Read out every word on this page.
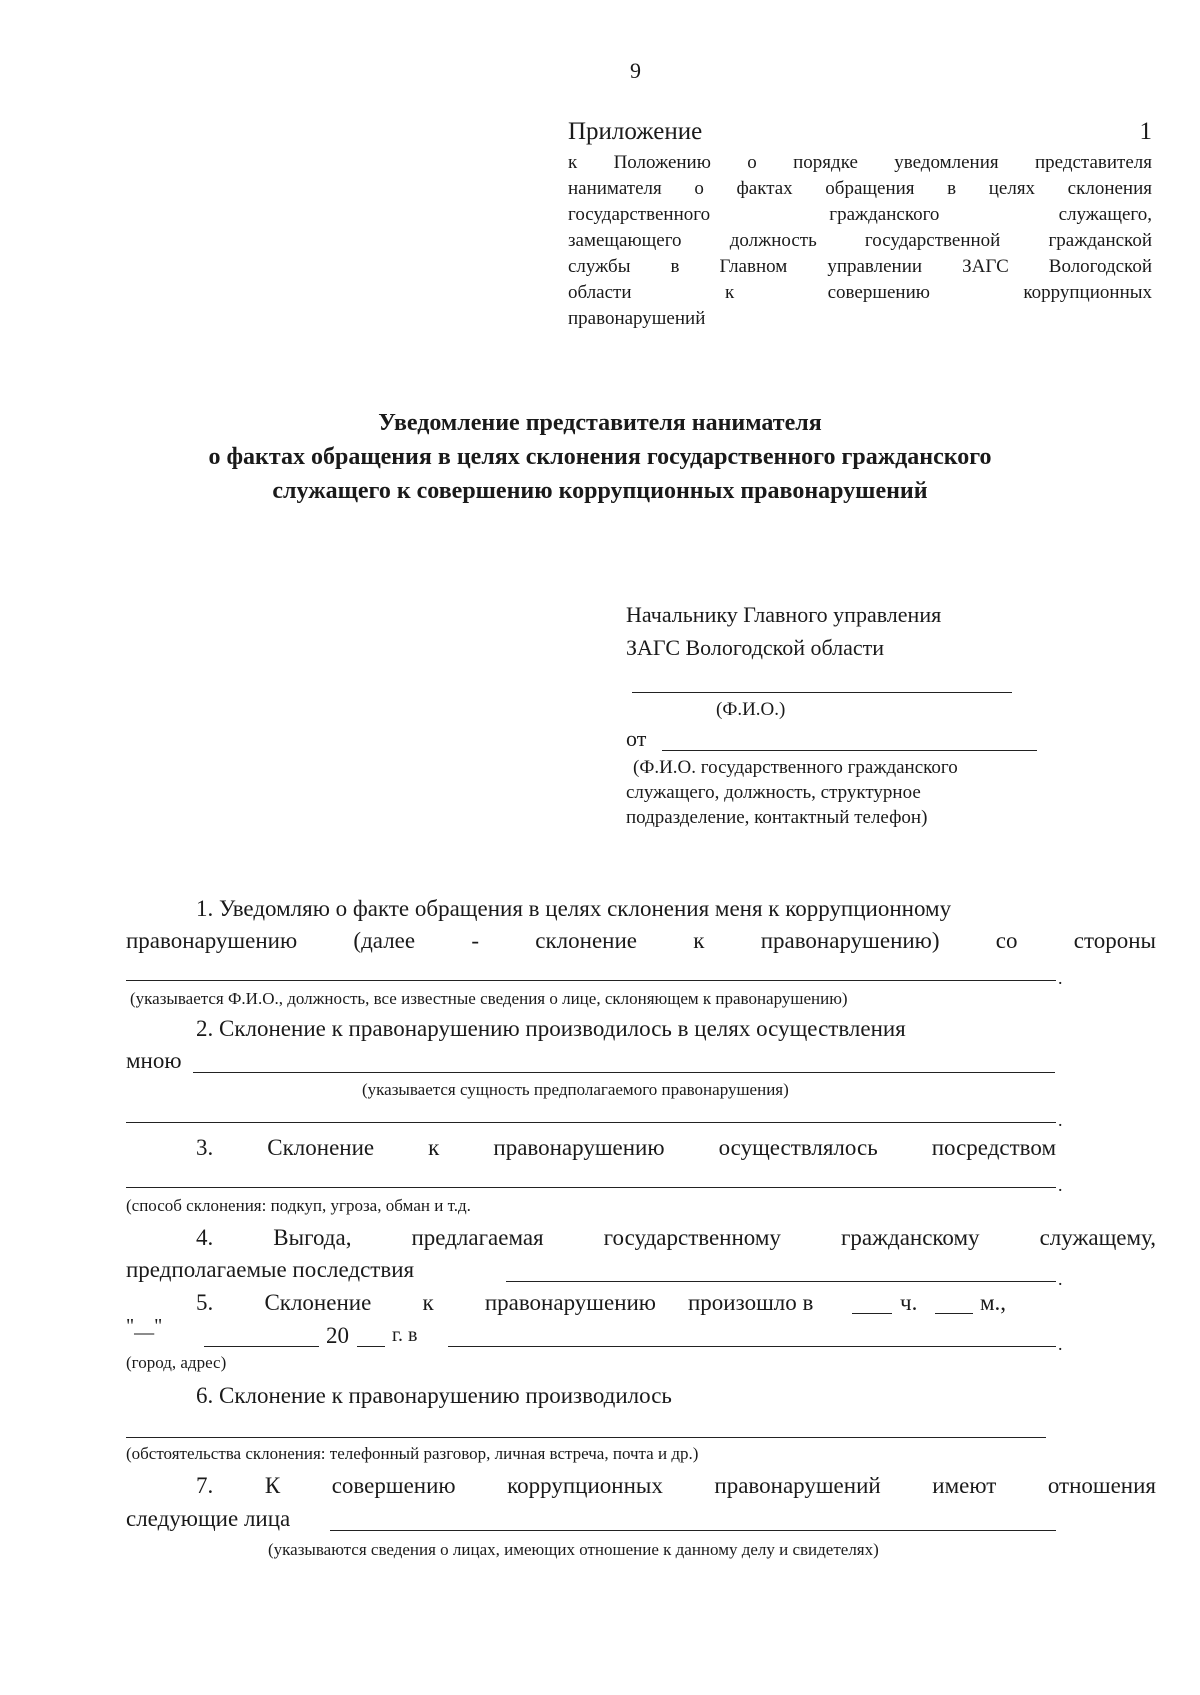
9
Приложение	1
к Положению о порядке уведомления представителя
нанимателя о фактах обращения в целях склонения
государственного гражданского служащего,
замещающего должность государственной гражданской
службы в Главном управлении ЗАГС Вологодской
области к совершению коррупционных
правонарушений
Уведомление представителя нанимателя
о фактах обращения в целях склонения государственного гражданского
служащего к совершению коррупционных правонарушений
Начальнику Главного управления
ЗАГС Вологодской области
(Ф.И.О.)
от
(Ф.И.О. государственного гражданского
служащего, должность, структурное
подразделение, контактный телефон)
1. Уведомляю о факте обращения в целях склонения меня к коррупционному
правонарушению (далее - склонение к правонарушению) со стороны
.
(указывается Ф.И.О., должность, все известные сведения о лице, склоняющем к правонарушению)
2. Склонение к правонарушению производилось в целях осуществления
мною
(указывается сущность предполагаемого правонарушения)
.
3. Склонение к правонарушению осуществлялось посредством
.
(способ склонения: подкуп, угроза, обман и т.д.
4. Выгода, предлагаемая государственному гражданскому служащему,
предполагаемые последствия	.
5. Склонение к правонарушению произошло в	ч.	м.,
"__"	20 г. в	.
(город, адрес)
6. Склонение к правонарушению производилось
(обстоятельства склонения: телефонный разговор, личная встреча, почта и др.)
7. К совершению коррупционных правонарушений имеют отношения
следующие лица
(указываются сведения о лицах, имеющих отношение к данному делу и свидетелях)
